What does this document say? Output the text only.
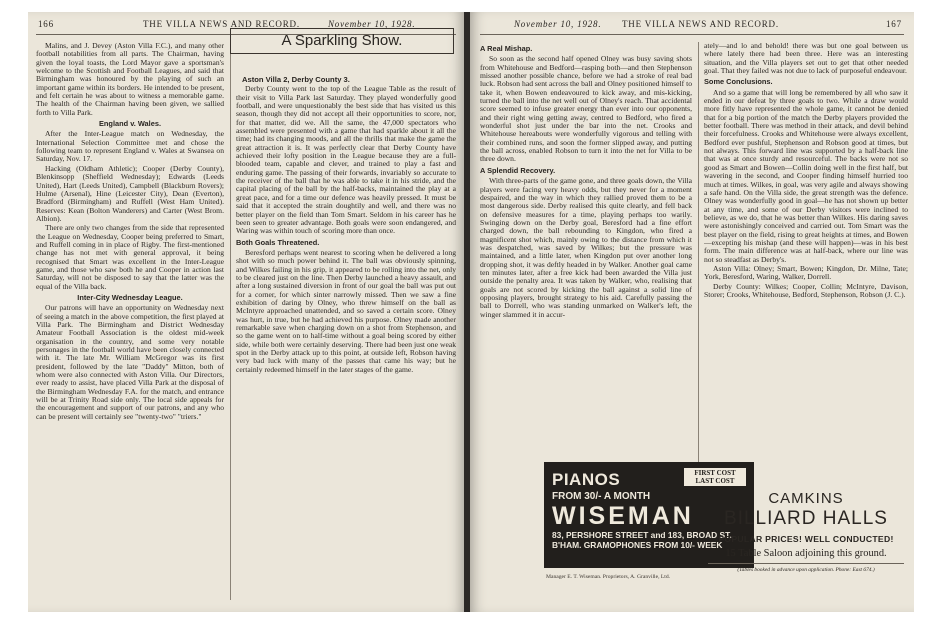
166	THE VILLA NEWS AND RECORD.	November 10, 1928.

Malins, and J. Devey (Aston Villa F.C.), and many other football notabilities from all parts. The Chairman, having given the loyal toasts, the Lord Mayor gave a sportsman's welcome to the Scottish and Football Leagues, and said that Birmingham was honoured by the playing of such an important game within its borders. He intended to be present, and felt certain he was about to witness a memorable game. The health of the Chairman having been given, we sallied forth to Villa Park.

England v. Wales.

After the Inter-League match on Wednesday, the International Selection Committee met and chose the following team to represent England v. Wales at Swansea on Saturday, Nov. 17.

Hacking (Oldham Athletic); Cooper (Derby County), Blenkinsopp (Sheffield Wednesday); Edwards (Leeds United), Hart (Leeds United), Campbell (Blackburn Rovers); Hulme (Arsenal), Hine (Leicester City), Dean (Everton), Bradford (Birmingham) and Ruffell (West Ham United). Reserves: Kean (Bolton Wanderers) and Carter (West Brom. Albion).

There are only two changes from the side that represented the League on Wednesday, Cooper being preferred to Smart, and Ruffell coming in in place of Rigby. The first-mentioned change has not met with general approval, it being recognised that Smart was excellent in the Inter-League game, and those who saw both he and Cooper in action last Saturday, will not be disposed to say that the latter was the equal of the Villa back.

Inter-City Wednesday League.

Our patrons will have an opportunity on Wednesday next of seeing a match in the above competition, the first played at Villa Park. The Birmingham and District Wednesday Amateur Football Association is the oldest mid-week organisation in the country, and some very notable personages in the football world have been closely connected with it. The late Mr. William McGregor was its first president, followed by the late "Daddy" Mitton, both of whom were also connected with Aston Villa. Our Directors, ever ready to assist, have placed Villa Park at the disposal of the Birmingham Wednesday F.A. for the match, and entrance will be at Trinity Road side only. The local side appeals for the encouragement and support of our patrons, and any who can be present will certainly see "twenty-two" "triers."

Aston Villa 2, Derby County 3.

Derby County went to the top of the League Table as the result of their visit to Villa Park last Saturday. They played wonderfully good football, and were unquestionably the best side that has visited us this season, though they did not accept all their opportunities to score, nor, for that matter, did we. All the same, the 47,000 spectators who assembled were presented with a game that had sparkle about it all the time; had its changing moods, and all the thrills that make the game the great attraction it is. It was perfectly clear that Derby County have achieved their lofty position in the League because they are a full-blooded team, capable and clever, and trained to play a fast and enduring game. The passing of their forwards, invariably so accurate to the receiver of the ball that he was able to take it in his stride, and the capital placing of the ball by the half-backs, maintained the play at a great pace, and for a time our defence was heavily pressed. It must be said that it accepted the strain doughtily and well, and there was no better player on the field than Tom Smart. Seldom in his career has he been seen to greater advantage. Both goals were soon endangered, and Waring was within touch of scoring more than once.

Both Goals Threatened.

Beresford perhaps went nearest to scoring when he delivered a long shot with so much power behind it. The ball was obviously spinning, and Wilkes failing in his grip, it appeared to be rolling into the net, only to be cleared just on the line. Then Derby launched a heavy assault, and after a long sustained diversion in front of our goal the ball was put out for a corner, for which sinter narrowly missed. Then we saw a fine exhibition of daring by Olney, who threw himself on the ball as McIntyre approached unattended, and so saved a certain score. Olney was hurt, in true, but he had achieved his purpose. Olney made another remarkable save when charging down on a shot from Stephenson, and so the game went on to half-time without a goal being scored by either side, while both were certainly deserving. There had been just one weak spot in the Derby attack up to this point, at outside left, Robson having very bad luck with many of the passes that came his way; but he certainly redeemed himself in the later stages of the game.

A Sparkling Show.
November 10, 1928. THE VILLA NEWS AND RECORD.	167

A Real Mishap.

So soon as the second half opened Olney was busy saving shots from Whitehouse and Bedford—rasping both—and then Stephenson missed another possible chance, before we had a stroke of real bad luck. Robson had sent across the ball and Olney positioned himself to take it, when Bowen endeavoured to kick away, and mis-kicking, turned the ball into the net well out of Olney's reach. That accidental score seemed to infuse greater energy than ever into our opponents, and their right wing getting away, centred to Bedford, who fired a wonderful shot just under the bar into the net. Crooks and Whitehouse hereabouts were wonderfully vigorous and telling with their combined runs, and soon the former slipped away, and putting the ball across, enabled Robson to turn it into the net for Villa to be three down.

A Splendid Recovery.

With three-parts of the game gone, and three goals down, the Villa players were facing very heavy odds, but they never for a moment despaired, and the way in which they rallied proved them to be a most dangerous side. Derby realised this quite clearly, and fell back on defensive measures for a time, playing perhaps too warily. Swinging down on the Derby goal, Beresford had a fine effort charged down, the ball rebounding to Kingdon, who fired a magnificent shot which, mainly owing to the distance from which it was despatched, was saved by Wilkes; but the pressure was maintained, and a little later, when Kingdon put over another long dropping shot, it was deftly headed in by Walker. Another goal came ten minutes later, after a free kick had been awarded the Villa just outside the penalty area. It was taken by Walker, who, realising that goals are not scored by kicking the ball against a solid line of opposing players, brought strategy to his aid. Carefully passing the ball to Dorrell, who was standing unmarked on Walker's left, the winger slammed it in accur-

ately—and lo and behold! there was but one goal between us where lately there had been three. Here was an interesting situation, and the Villa players set out to get that other needed goal. That they failed was not due to lack of purposeful endeavour.

Some Conclusions.

And so a game that will long be remembered by all who saw it ended in our defeat by three goals to two. While a draw would more fitly have represented the whole game, it cannot be denied that for a big portion of the match the Derby players provided the better football. There was method in their attack, and devil behind their forcefulness. Crooks and Whitehouse were always excellent, Bedford ever pushful, Stephenson and Robson good at times, but not always. This forward line was supported by a half-back line that was at once sturdy and resourceful. The backs were not so good as Smart and Bowen—Collin doing well in the first half, but wavering in the second, and Cooper finding himself hurried too much at times. Wilkes, in goal, was very agile and always showing a safe hand. On the Villa side, the great strength was the defence. Olney was wonderfully good in goal—he has not shown up better at any time, and some of our Derby visitors were inclined to believe, as we do, that he was better than Wilkes. His daring saves were astonishingly conceived and carried out. Tom Smart was the best player on the field, rising to great heights at times, and Bowen—excepting his mishap (and these will happen)—was in his best form. The main difference was at half-back, where our line was not so steadfast as Derby's.

Aston Villa: Olney; Smart, Bowen; Kingdon, Dr. Milne, Tate; York, Beresford, Waring, Walker, Dorrell.

Derby County: Wilkes; Cooper, Collin; McIntyre, Davison, Storer; Crooks, Whitehouse, Bedford, Stephenson, Robson (J. C.).

PIANOS	FIRST COST LAST COST
FROM 30/- A MONTH
WISEMAN
83, PERSHORE STREET and 183, BROAD ST. B'HAM. GRAMOPHONES FROM 10/- WEEK
Manager E. T. Wiseman. Proprietors, A. Granville, Ltd.
CAMKINS
BILLIARD HALLS
POPULAR PRICES! WELL CONDUCTED!
15 Table Saloon adjoining this ground.
(Tables booked in advance upon application. Phone: East 674.)
